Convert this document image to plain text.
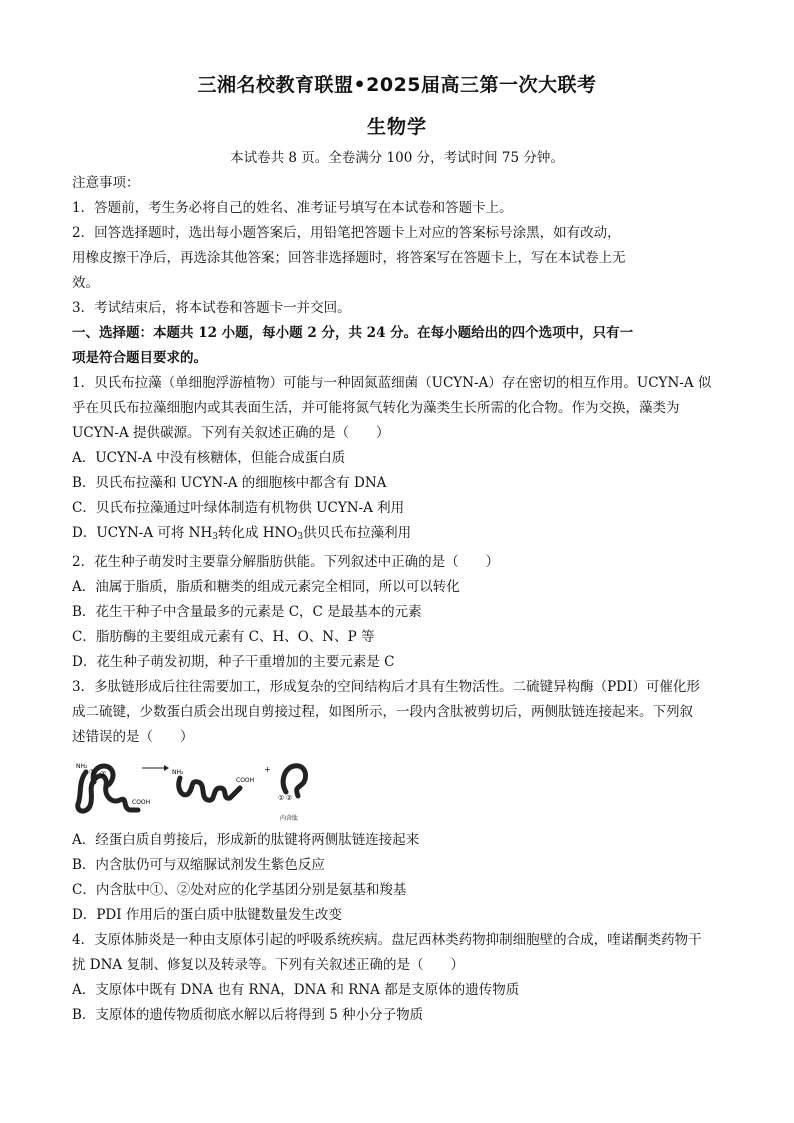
三湘名校教育联盟•2025届高三第一次大联考
生物学
本试卷共 8 页。全卷满分 100 分，考试时间 75 分钟。

注意事项：

1．答题前，考生务必将自己的姓名、准考证号填写在本试卷和答题卡上。

2．回答选择题时，选出每小题答案后，用铅笔把答题卡上对应的答案标号涂黑，如有改动，

用橡皮擦干净后，再选涂其他答案；回答非选择题时，将答案写在答题卡上，写在本试卷上无

效。

3．考试结束后，将本试卷和答题卡一并交回。

一、选择题：本题共 12 小题，每小题 2 分，共 24 分。在每小题给出的四个选项中，只有一

项是符合题目要求的。

1．贝氏布拉藻（单细胞浮游植物）可能与一种固氮蓝细菌（UCYN-A）存在密切的相互作用。UCYN-A 似

乎在贝氏布拉藻细胞内或其表面生活，并可能将氮气转化为藻类生长所需的化合物。作为交换，藻类为

UCYN-A 提供碳源。下列有关叙述正确的是（　　）

A．UCYN-A 中没有核糖体，但能合成蛋白质

B．贝氏布拉藻和 UCYN-A 的细胞核中都含有 DNA

C．贝氏布拉藻通过叶绿体制造有机物供 UCYN-A 利用

D．UCYN-A 可将 $NH_3$转化成 $HNO_3$供贝氏布拉藻利用

2．花生种子萌发时主要靠分解脂肪供能。下列叙述中正确的是（　　）

A．油属于脂质，脂质和糖类的组成元素完全相同，所以可以转化

B．花生干种子中含量最多的元素是 C，C 是最基本的元素

C．脂肪酶的主要组成元素有 C、H、O、N、P 等

D．花生种子萌发初期，种子干重增加的主要元素是 C

3．多肽链形成后往往需要加工，形成复杂的空间结构后才具有生物活性。二硫键异构酶（PDI）可催化形

成二硫键，少数蛋白质会出现自剪接过程，如图所示，一段内含肽被剪切后，两侧肽链连接起来。下列叙

述错误的是（　　）

NH₂
① ②
COOH
NH₂
COOH
+
① ②
内含肽

A．经蛋白质自剪接后，形成新的肽键将两侧肽链连接起来

B．内含肽仍可与双缩脲试剂发生紫色反应

C．内含肽中①、②处对应的化学基团分别是氨基和羧基

D．PDI 作用后的蛋白质中肽键数量发生改变

4．支原体肺炎是一种由支原体引起的呼吸系统疾病。盘尼西林类药物抑制细胞壁的合成，喹诺酮类药物干

扰 DNA 复制、修复以及转录等。下列有关叙述正确的是（　　）

A．支原体中既有 DNA 也有 RNA，DNA 和 RNA 都是支原体的遗传物质

B．支原体的遗传物质彻底水解以后将得到 5 种小分子物质
